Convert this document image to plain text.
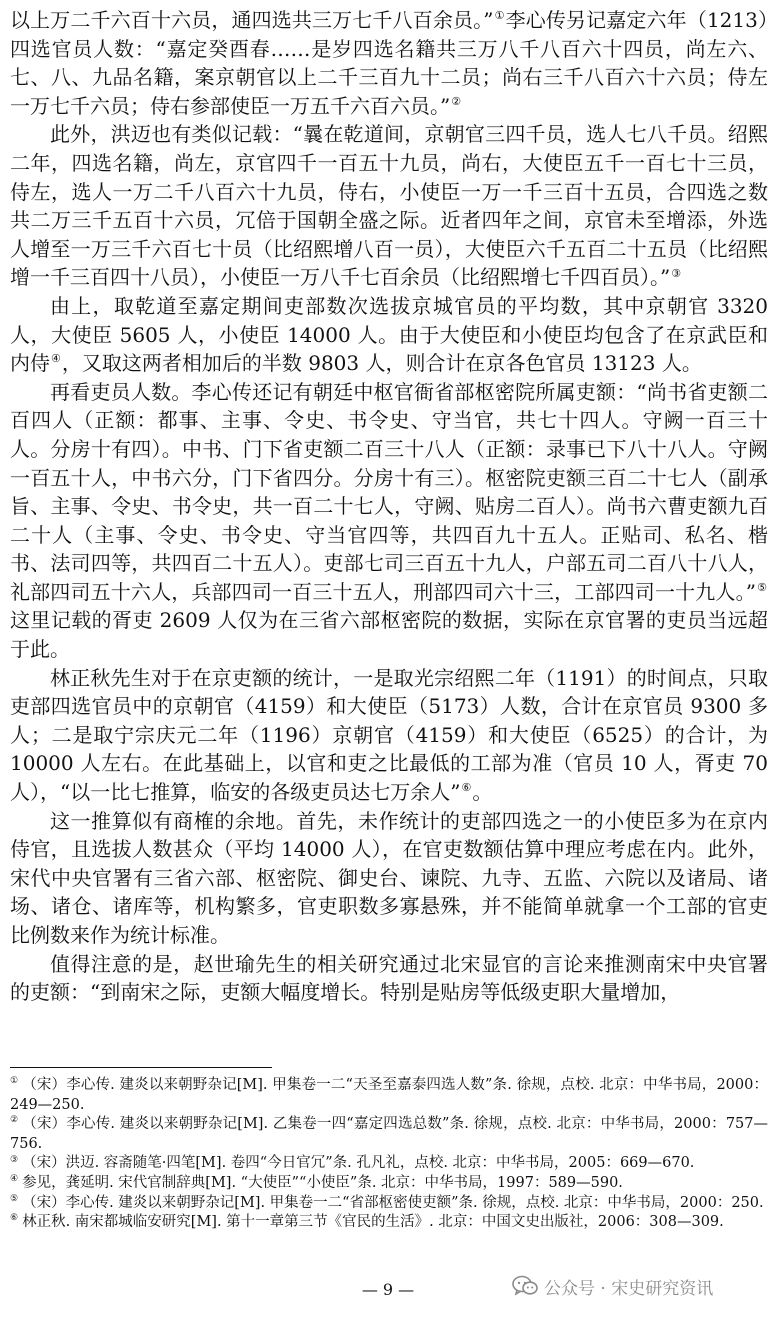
以上万二千六百十六员，通四选共三万七千八百余员。”①李心传另记嘉定六年（1213）四选官员人数：“嘉定癸酉春……是岁四选名籍共三万八千八百六十四员，尚左六、七、八、九品名籍，案京朝官以上二千三百九十二员；尚右三千八百六十六员；侍左一万七千六员；侍右参部使臣一万五千六百六员。”②

此外，洪迈也有类似记载：“曩在乾道间，京朝官三四千员，选人七八千员。绍熙二年，四选名籍，尚左，京官四千一百五十九员，尚右，大使臣五千一百七十三员，侍左，选人一万二千八百六十九员，侍右，小使臣一万一千三百十五员，合四选之数共二万三千五百十六员，冗倍于国朝全盛之际。近者四年之间，京官未至增添，外选人增至一万三千六百七十员（比绍熙增八百一员），大使臣六千五百二十五员（比绍熙增一千三百四十八员），小使臣一万八千七百余员（比绍熙增七千四百员）。”③

由上，取乾道至嘉定期间吏部数次选拔京城官员的平均数，其中京朝官 3320 人，大使臣 5605 人，小使臣 14000 人。由于大使臣和小使臣均包含了在京武臣和内侍④，又取这两者相加后的半数 9803 人，则合计在京各色官员 13123 人。

再看吏员人数。李心传还记有朝廷中枢官衙省部枢密院所属吏额：“尚书省吏额二百四人（正额：都事、主事、令史、书令史、守当官，共七十四人。守阙一百三十人。分房十有四）。中书、门下省吏额二百三十八人（正额：录事已下八十八人。守阙一百五十人，中书六分，门下省四分。分房十有三）。枢密院吏额三百二十七人（副承旨、主事、令史、书令史，共一百二十七人，守阙、贴房二百人）。尚书六曹吏额九百二十人（主事、令史、书令史、守当官四等，共四百九十五人。正贴司、私名、楷书、法司四等，共四百二十五人）。吏部七司三百五十九人，户部五司二百八十八人，礼部四司五十六人，兵部四司一百三十五人，刑部四司六十三，工部四司一十九人。”⑤这里记载的胥吏 2609 人仅为在三省六部枢密院的数据，实际在京官署的吏员当远超于此。

林正秋先生对于在京吏额的统计，一是取光宗绍熙二年（1191）的时间点，只取吏部四选官员中的京朝官（4159）和大使臣（5173）人数，合计在京官员 9300 多人；二是取宁宗庆元二年（1196）京朝官（4159）和大使臣（6525）的合计，为 10000 人左右。在此基础上，以官和吏之比最低的工部为准（官员 10 人，胥吏 70 人），“以一比七推算，临安的各级吏员达七万余人”⑥。

这一推算似有商榷的余地。首先，未作统计的吏部四选之一的小使臣多为在京内侍官，且选拔人数甚众（平均 14000 人），在官吏数额估算中理应考虑在内。此外，宋代中央官署有三省六部、枢密院、御史台、谏院、九寺、五监、六院以及诸局、诸场、诸仓、诸库等，机构繁多，官吏职数多寡悬殊，并不能简单就拿一个工部的官吏比例数来作为统计标准。

值得注意的是，赵世瑜先生的相关研究通过北宋显官的言论来推测南宋中央官署的吏额：“到南宋之际，吏额大幅度增长。特别是贴房等低级吏职大量增加，

① （宋）李心传. 建炎以来朝野杂记[M]. 甲集卷一二“天圣至嘉泰四选人数”条. 徐规，点校. 北京：中华书局，2000：249—250.

② （宋）李心传. 建炎以来朝野杂记[M]. 乙集卷一四“嘉定四选总数”条. 徐规，点校. 北京：中华书局，2000：757—756.

③ （宋）洪迈. 容斋随笔·四笔[M]. 卷四“今日官冗”条. 孔凡礼，点校. 北京：中华书局，2005：669—670.

④ 参见，龚延明. 宋代官制辞典[M]. “大使臣”“小使臣”条. 北京：中华书局，1997：589—590.

⑤ （宋）李心传. 建炎以来朝野杂记[M]. 甲集卷一二“省部枢密使吏额”条. 徐规，点校. 北京：中华书局，2000：250.

⑥ 林正秋. 南宋都城临安研究[M]. 第十一章第三节《官民的生活》. 北京：中国文史出版社，2006：308—309.

— 9 —	公众号 · 宋史研究资讯
